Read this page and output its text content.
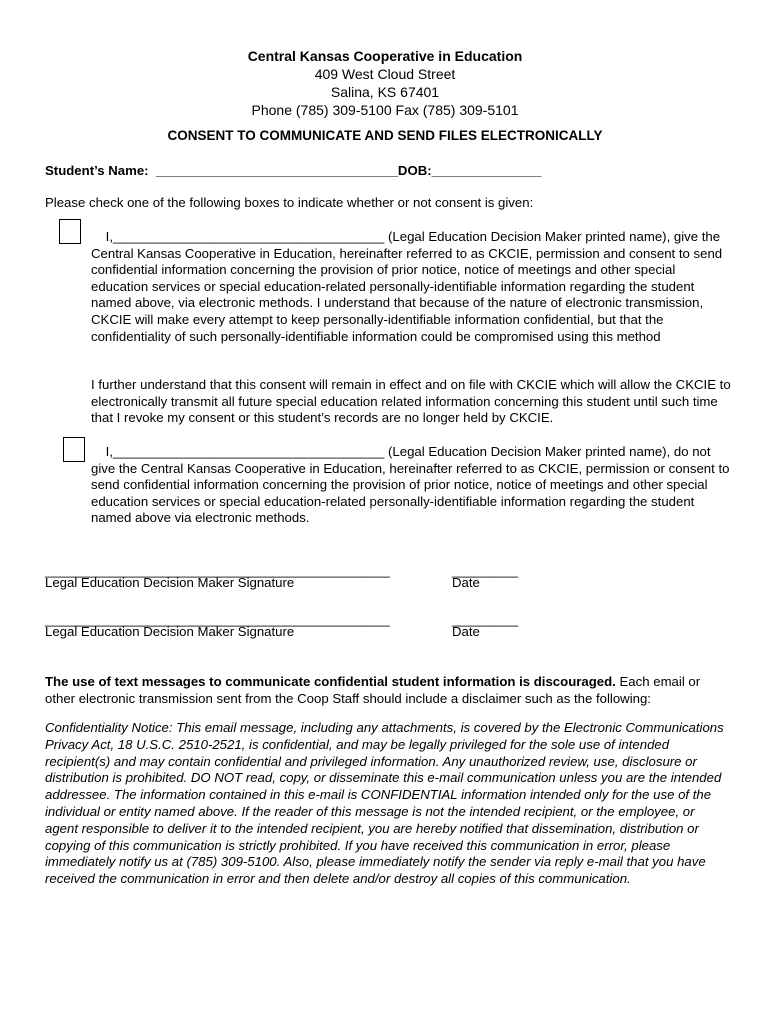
Central Kansas Cooperative in Education
409 West Cloud Street
Salina, KS 67401
Phone (785) 309-5100 Fax (785) 309-5101
CONSENT TO COMMUNICATE AND SEND FILES ELECTRONICALLY
Student’s Name:  _________________________________DOB:_______________
Please check one of the following boxes to indicate whether or not consent is given:
I,_____________________________________ (Legal Education Decision Maker printed name), give the Central Kansas Cooperative in Education, hereinafter referred to as CKCIE, permission and consent to send confidential information concerning the provision of prior notice, notice of meetings and other special education services or special education-related personally-identifiable information regarding the student named above, via electronic methods. I understand that because of the nature of electronic transmission, CKCIE will make every attempt to keep personally-identifiable information confidential, but that the confidentiality of such personally-identifiable information could be compromised using this method
I further understand that this consent will remain in effect and on file with CKCIE which will allow the CKCIE to electronically transmit all future special education related information concerning this student until such time that I revoke my consent or this student’s records are no longer held by CKCIE.
I,_____________________________________ (Legal Education Decision Maker printed name), do not give the Central Kansas Cooperative in Education, hereinafter referred to as CKCIE, permission or consent to send confidential information concerning the provision of prior notice, notice of meetings and other special education services or special education-related personally-identifiable information regarding the student named above via electronic methods.
_______________________________________________
Legal Education Decision Maker Signature
_________
Date
_______________________________________________
Legal Education Decision Maker Signature
_________
Date
The use of text messages to communicate confidential student information is discouraged. Each email or other electronic transmission sent from the Coop Staff should include a disclaimer such as the following:
Confidentiality Notice: This email message, including any attachments, is covered by the Electronic Communications Privacy Act, 18 U.S.C. 2510-2521, is confidential, and may be legally privileged for the sole use of intended recipient(s) and may contain confidential and privileged information. Any unauthorized review, use, disclosure or distribution is prohibited. DO NOT read, copy, or disseminate this e-mail communication unless you are the intended addressee. The information contained in this e-mail is CONFIDENTIAL information intended only for the use of the individual or entity named above. If the reader of this message is not the intended recipient, or the employee, or agent responsible to deliver it to the intended recipient, you are hereby notified that dissemination, distribution or copying of this communication is strictly prohibited. If you have received this communication in error, please immediately notify us at (785) 309-5100. Also, please immediately notify the sender via reply e-mail that you have received the communication in error and then delete and/or destroy all copies of this communication.
